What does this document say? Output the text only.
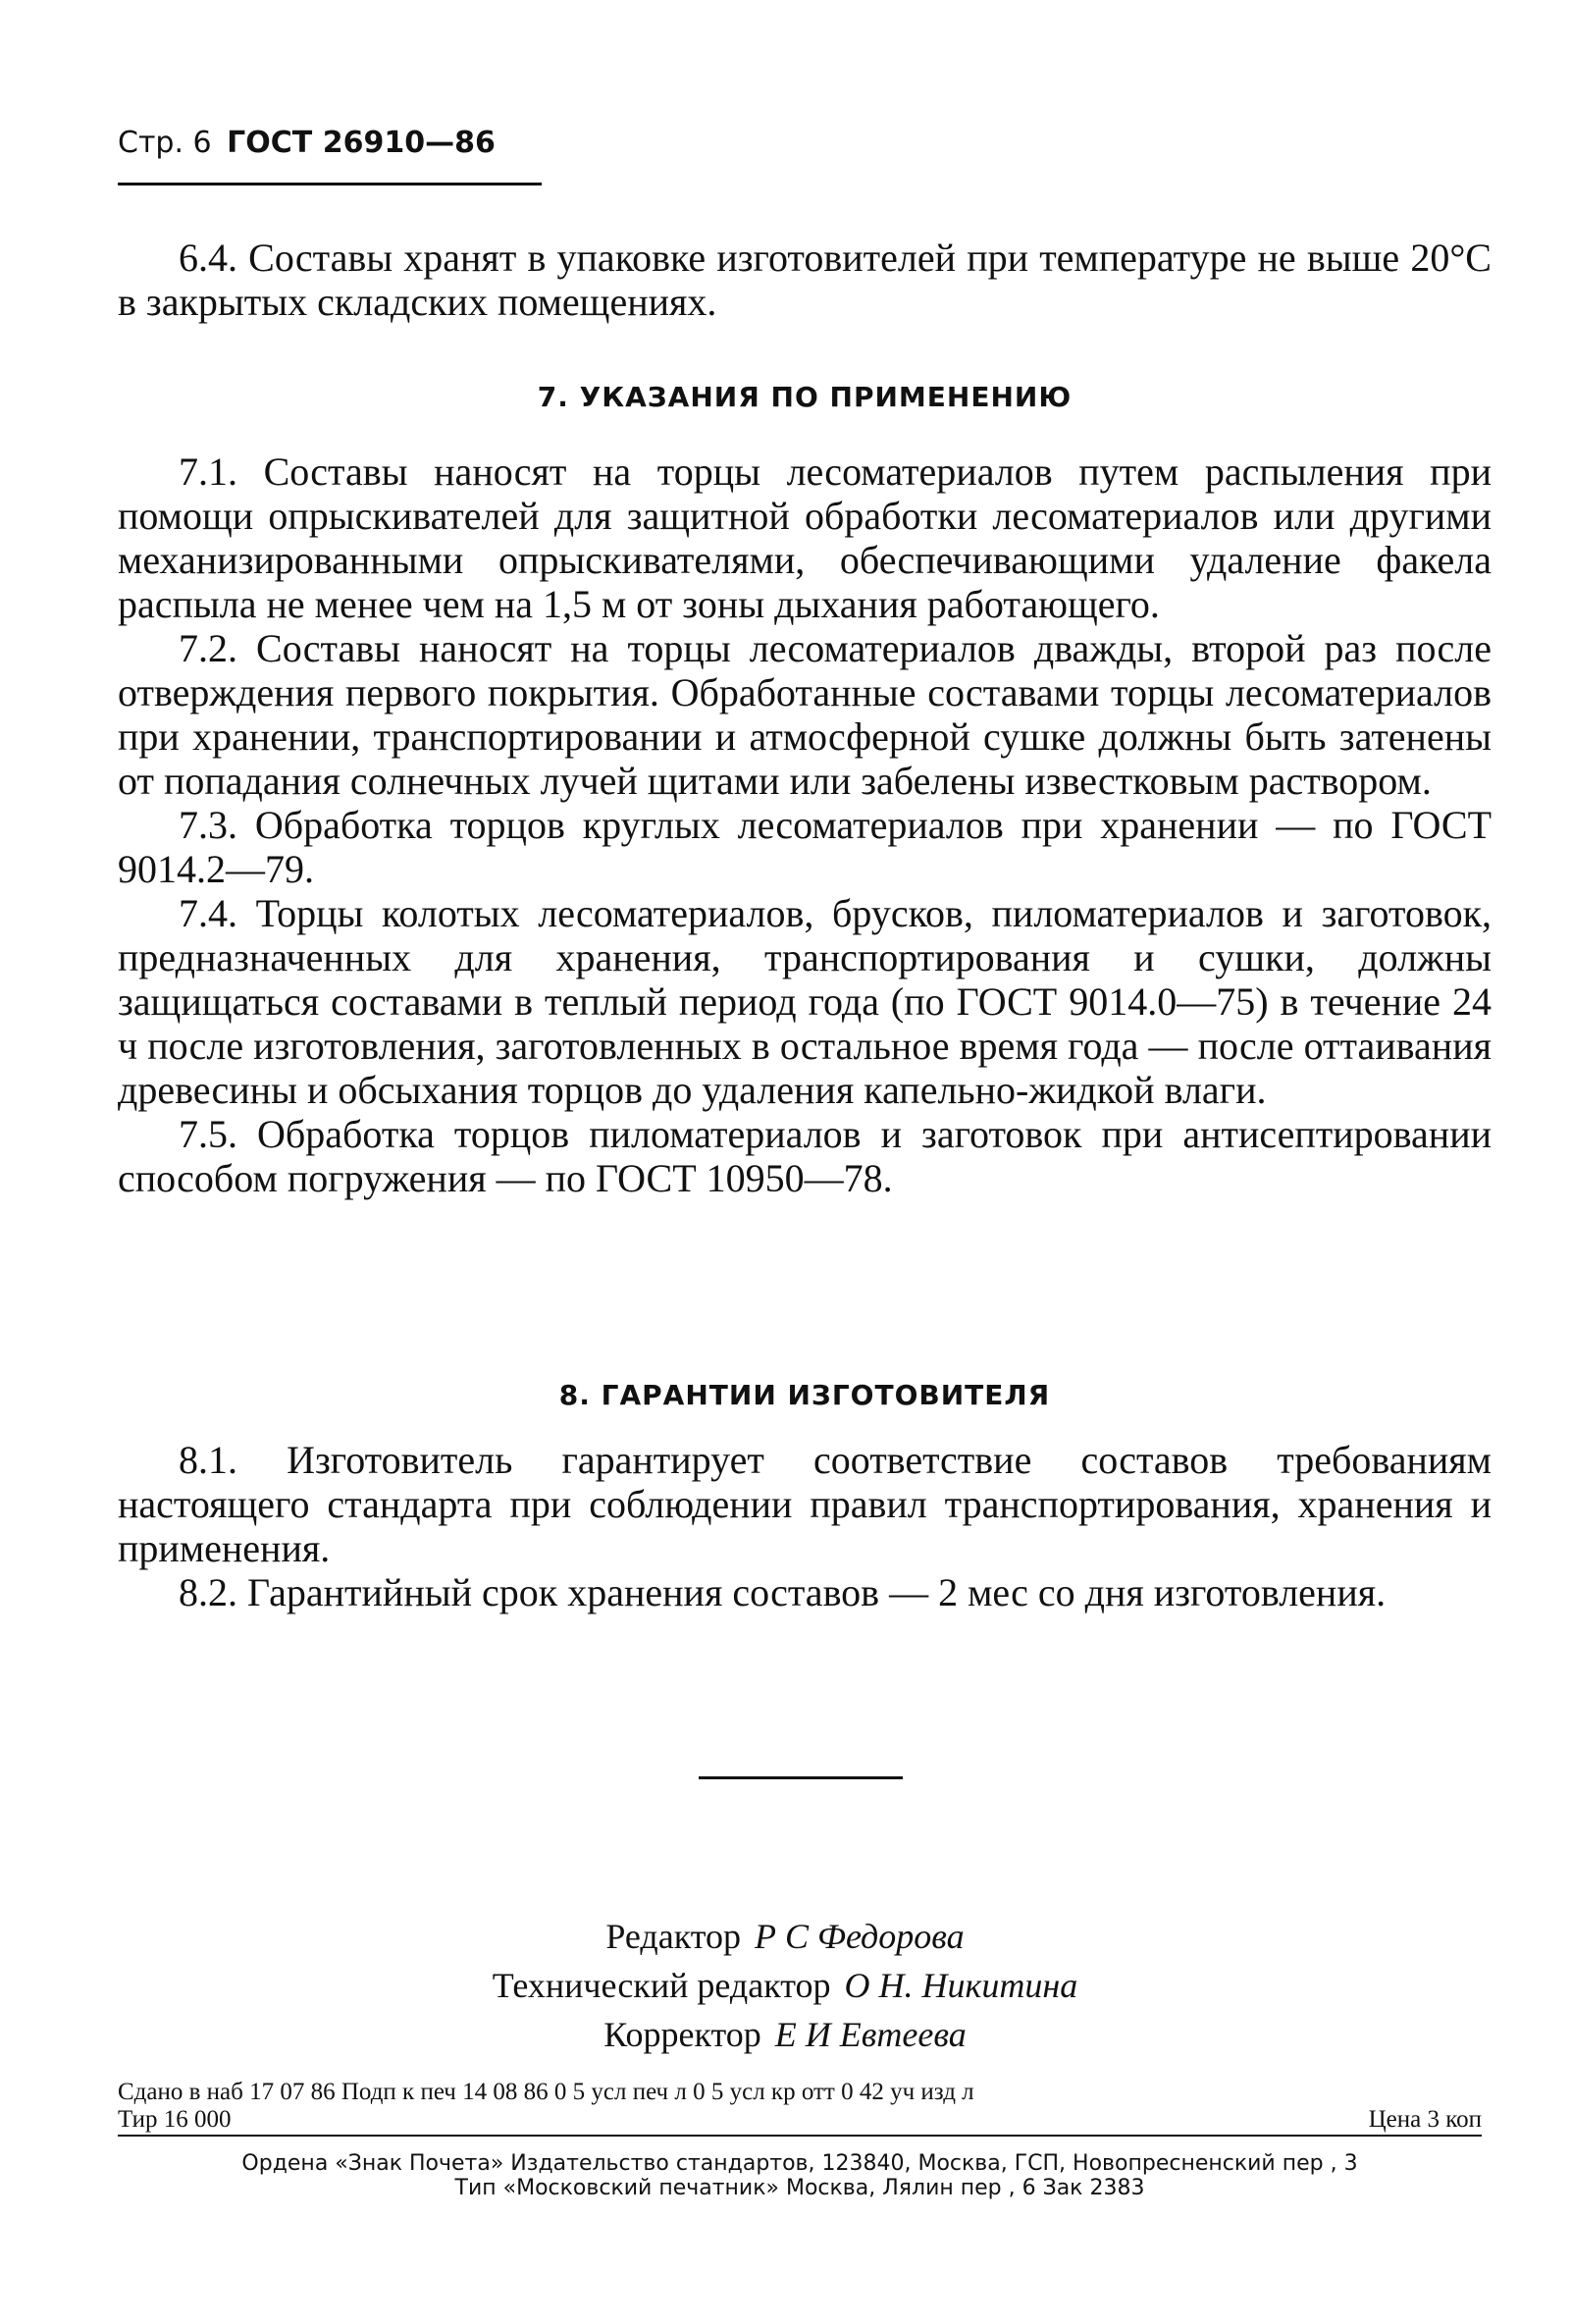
Стр. 6 ГОСТ 26910—86

6.4. Составы хранят в упаковке изготовителей при температуре не выше 20°С в закрытых складских помещениях.

7. УКАЗАНИЯ ПО ПРИМЕНЕНИЮ

7.1. Составы наносят на торцы лесоматериалов путем распыления при помощи опрыскивателей для защитной обработки лесоматериалов или другими механизированными опрыскивателями, обеспечивающими удаление факела распыла не менее чем на 1,5 м от зоны дыхания работающего.

7.2. Составы наносят на торцы лесоматериалов дважды, второй раз после отверждения первого покрытия. Обработанные составами торцы лесоматериалов при хранении, транспортировании и атмосферной сушке должны быть затенены от попадания солнечных лучей щитами или забелены известковым раствором.

7.3. Обработка торцов круглых лесоматериалов при хранении — по ГОСТ 9014.2—79.

7.4. Торцы колотых лесоматериалов, брусков, пиломатериалов и заготовок, предназначенных для хранения, транспортирования и сушки, должны защищаться составами в теплый период года (по ГОСТ 9014.0—75) в течение 24 ч после изготовления, заготовленных в остальное время года — после оттаивания древесины и обсыхания торцов до удаления капельно-жидкой влаги.

7.5. Обработка торцов пиломатериалов и заготовок при антисептировании способом погружения — по ГОСТ 10950—78.

8. ГАРАНТИИ ИЗГОТОВИТЕЛЯ

8.1. Изготовитель гарантирует соответствие составов требованиям настоящего стандарта при соблюдении правил транспортирования, хранения и применения.

8.2. Гарантийный срок хранения составов — 2 мес со дня изготовления.

Редактор Р С Федорова
Технический редактор О Н. Никитина
Корректор Е И Евтеева
Сдано в наб 17 07 86 Подп к печ 14 08 86 0 5 усл печ л 0 5 усл кр отт 0 42 уч изд л
Тир 16 000	Цена 3 коп
Ордена «Знак Почета» Издательство стандартов, 123840, Москва, ГСП, Новопресненский пер , 3
Тип «Московский печатник» Москва, Лялин пер , 6 Зак 2383
